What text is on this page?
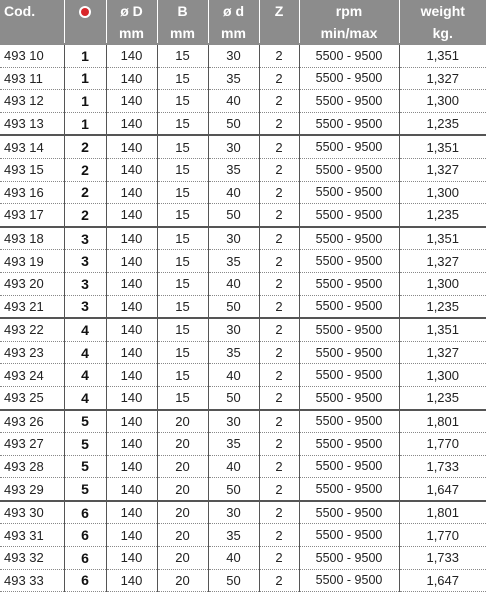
Cod.		ø D	B	ø d	Z	rpm	weight
		mm	mm	mm		min/max	kg.
493 10	1	140	15	30	2	5500 - 9500	1,351
493 11	1	140	15	35	2	5500 - 9500	1,327
493 12	1	140	15	40	2	5500 - 9500	1,300
493 13	1	140	15	50	2	5500 - 9500	1,235
493 14	2	140	15	30	2	5500 - 9500	1,351
493 15	2	140	15	35	2	5500 - 9500	1,327
493 16	2	140	15	40	2	5500 - 9500	1,300
493 17	2	140	15	50	2	5500 - 9500	1,235
493 18	3	140	15	30	2	5500 - 9500	1,351
493 19	3	140	15	35	2	5500 - 9500	1,327
493 20	3	140	15	40	2	5500 - 9500	1,300
493 21	3	140	15	50	2	5500 - 9500	1,235
493 22	4	140	15	30	2	5500 - 9500	1,351
493 23	4	140	15	35	2	5500 - 9500	1,327
493 24	4	140	15	40	2	5500 - 9500	1,300
493 25	4	140	15	50	2	5500 - 9500	1,235
493 26	5	140	20	30	2	5500 - 9500	1,801
493 27	5	140	20	35	2	5500 - 9500	1,770
493 28	5	140	20	40	2	5500 - 9500	1,733
493 29	5	140	20	50	2	5500 - 9500	1,647
493 30	6	140	20	30	2	5500 - 9500	1,801
493 31	6	140	20	35	2	5500 - 9500	1,770
493 32	6	140	20	40	2	5500 - 9500	1,733
493 33	6	140	20	50	2	5500 - 9500	1,647
